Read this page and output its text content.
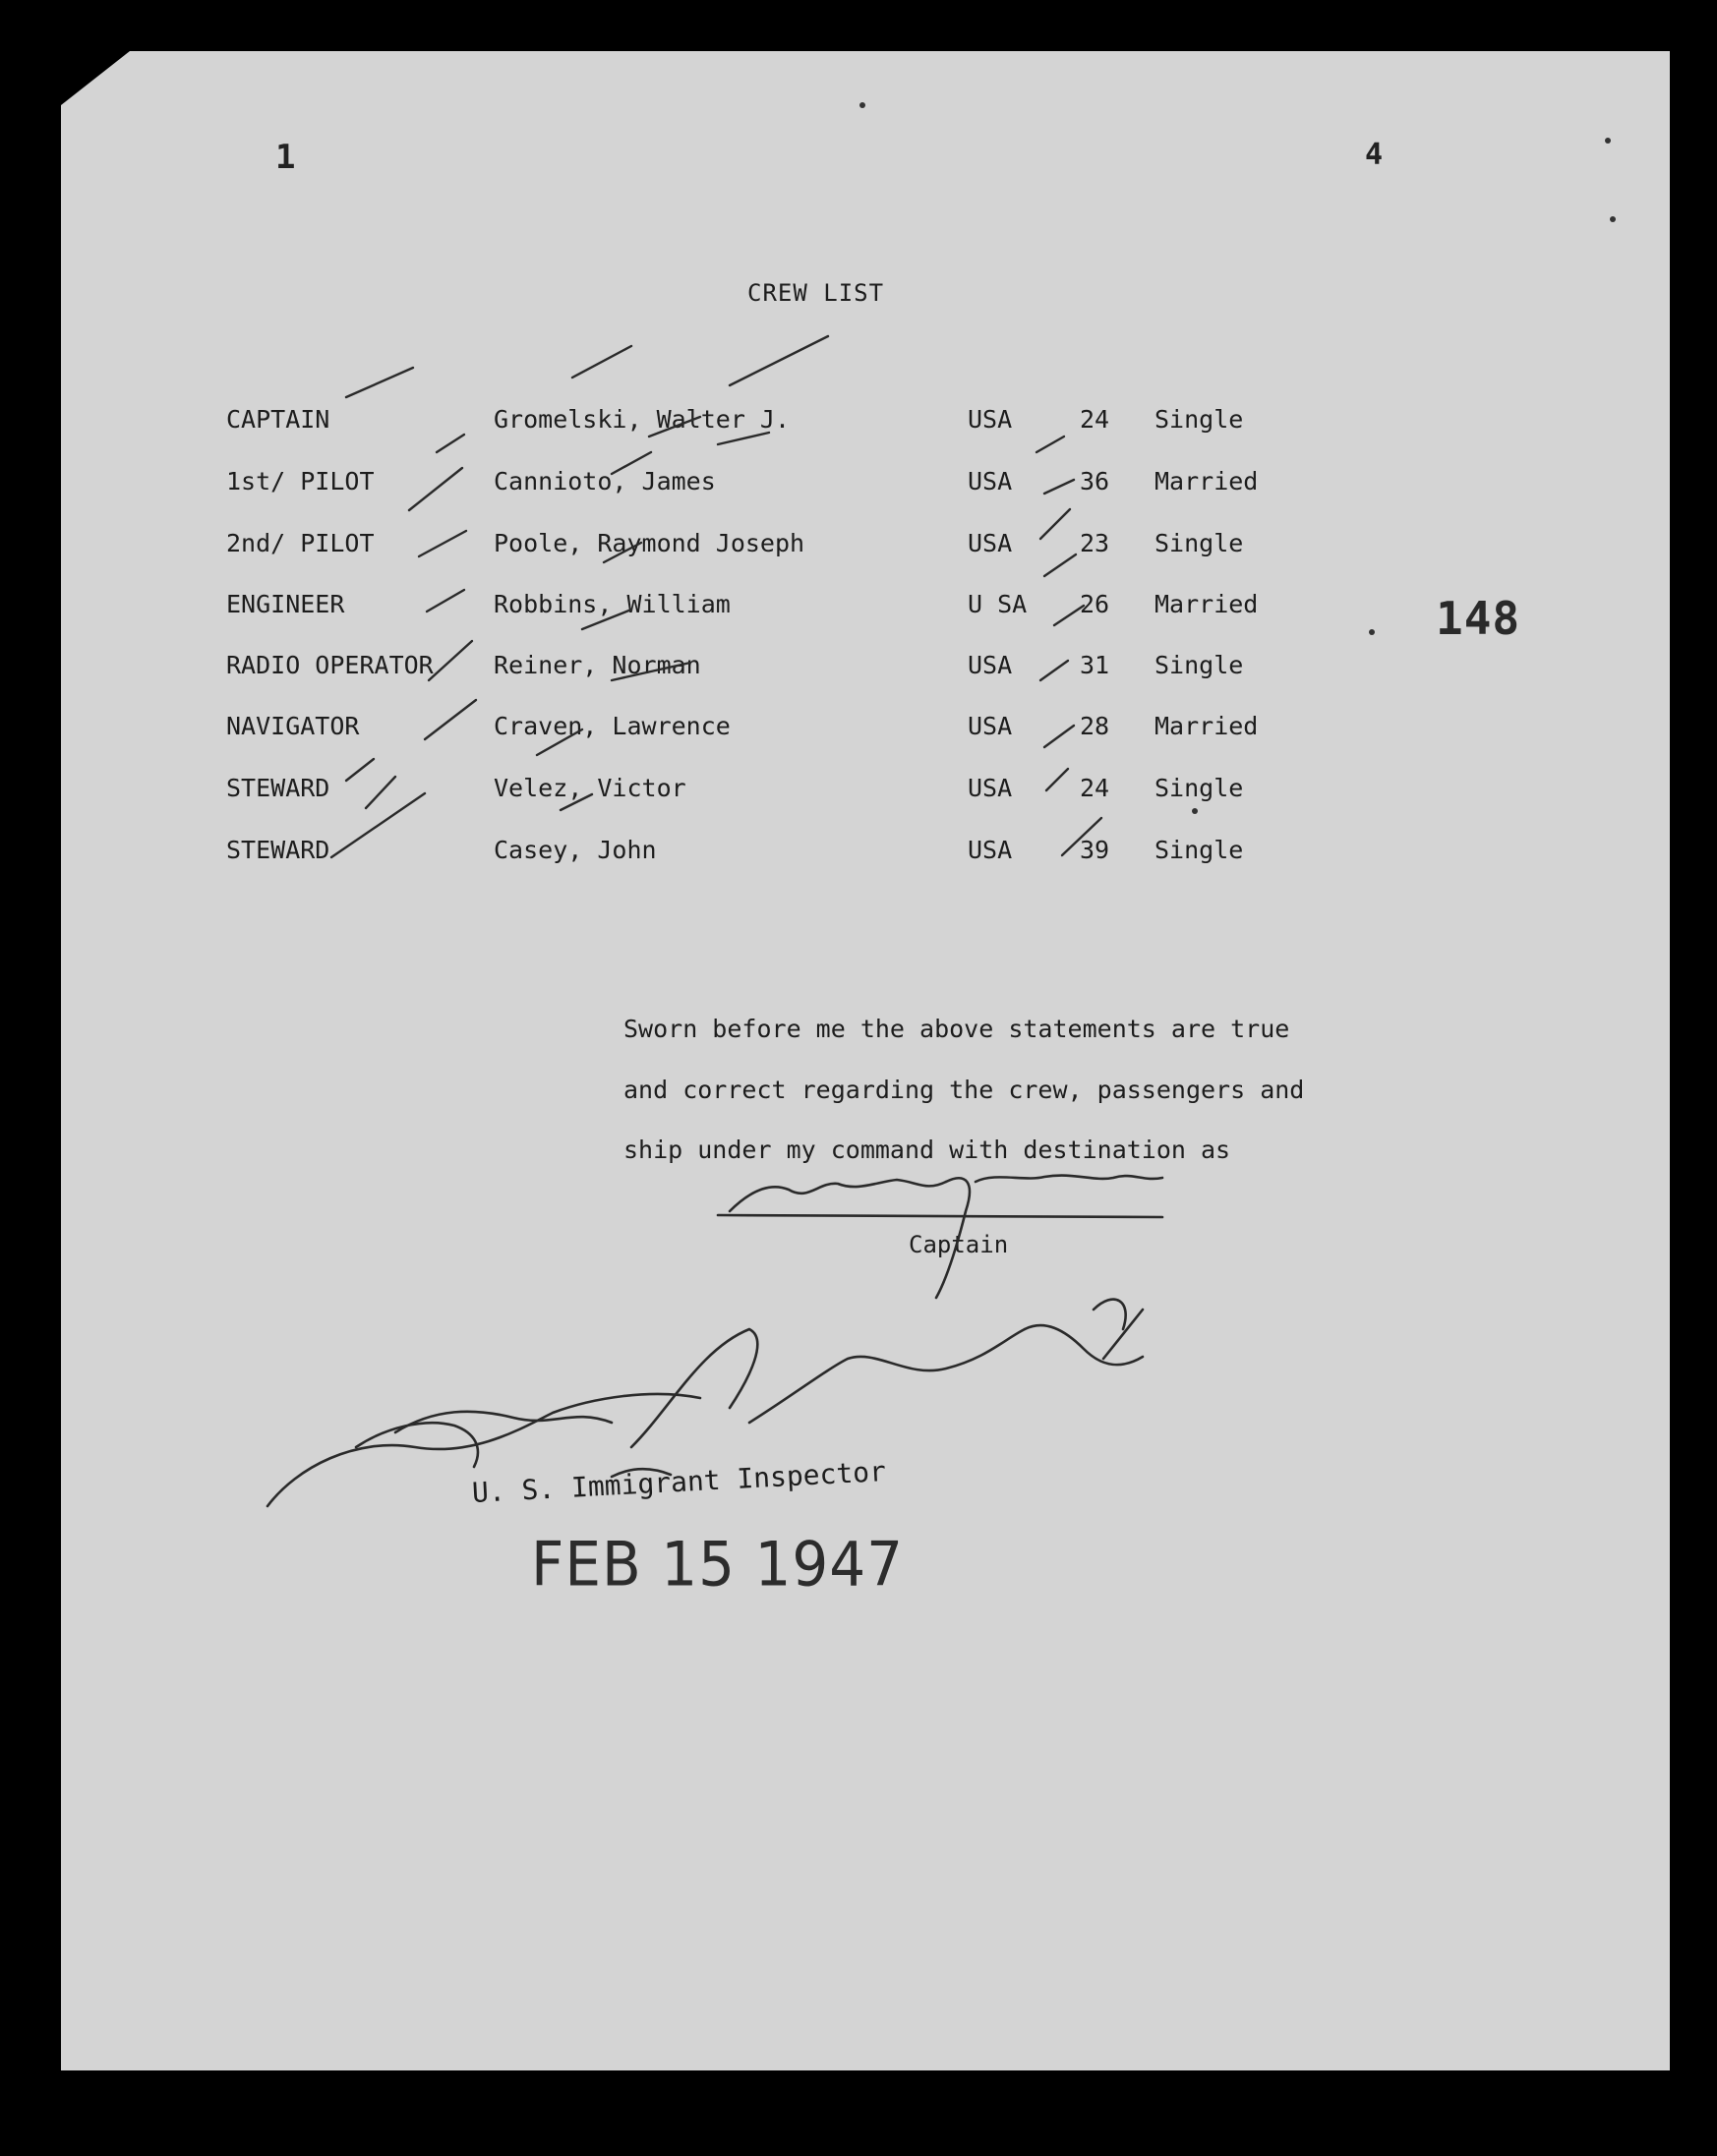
1	4
CREW LIST
148
CAPTAIN	Gromelski, Walter J.	USA	24 Single
1st/ PILOT	Cannioto, James	USA	36 Married
2nd/ PILOT	Poole, Raymond Joseph	USA	23 Single
ENGINEER	Robbins, William	U SA 26 Married
RADIO OPERATOR Reiner, Norman	USA	31 Single
NAVIGATOR	Craven, Lawrence	USA	28 Married
STEWARD	Velez, Victor	USA	24 Single
STEWARD	Casey, John	USA	39 Single
Sworn before me the above statements are true
and correct regarding the crew, passengers and
ship under my command with destination as
Captain
U. S. Immigrant Inspector
FEB 15 1947
